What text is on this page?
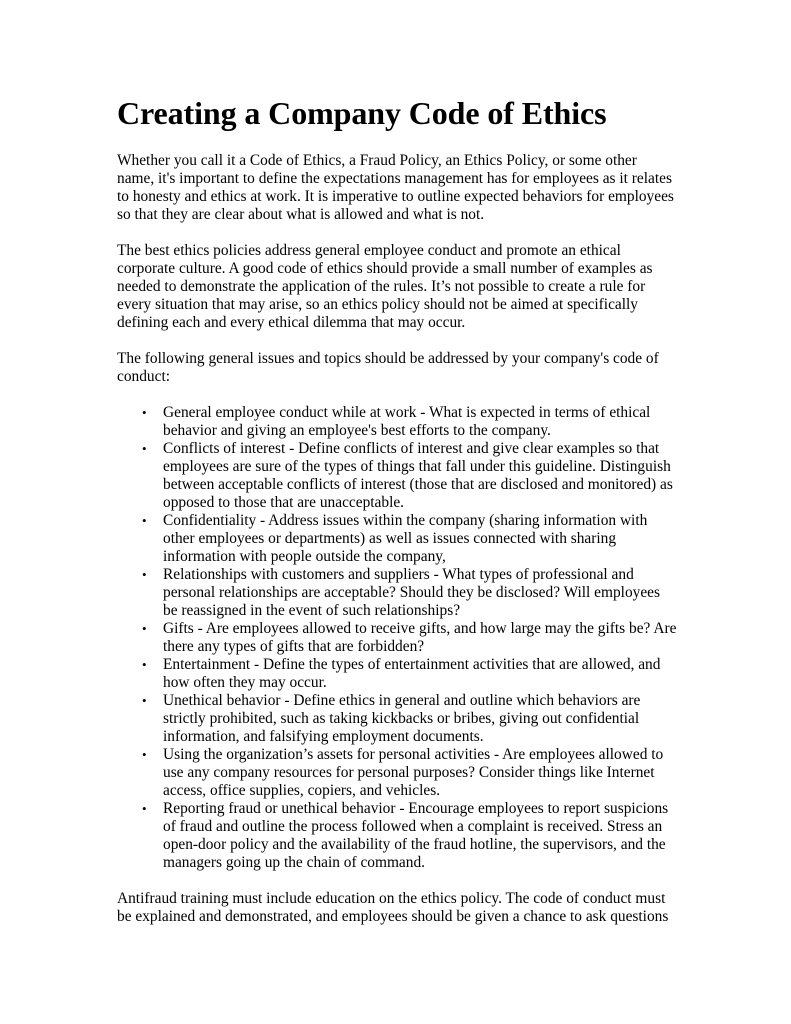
Creating a Company Code of Ethics

Whether you call it a Code of Ethics, a Fraud Policy, an Ethics Policy, or some other name, it's important to define the expectations management has for employees as it relates to honesty and ethics at work. It is imperative to outline expected behaviors for employees so that they are clear about what is allowed and what is not.

The best ethics policies address general employee conduct and promote an ethical corporate culture. A good code of ethics should provide a small number of examples as needed to demonstrate the application of the rules. It’s not possible to create a rule for every situation that may arise, so an ethics policy should not be aimed at specifically defining each and every ethical dilemma that may occur.

The following general issues and topics should be addressed by your company's code of conduct:

• General employee conduct while at work - What is expected in terms of ethical behavior and giving an employee's best efforts to the company.
• Conflicts of interest - Define conflicts of interest and give clear examples so that employees are sure of the types of things that fall under this guideline. Distinguish between acceptable conflicts of interest (those that are disclosed and monitored) as opposed to those that are unacceptable.
• Confidentiality - Address issues within the company (sharing information with other employees or departments) as well as issues connected with sharing information with people outside the company,
• Relationships with customers and suppliers - What types of professional and personal relationships are acceptable? Should they be disclosed? Will employees be reassigned in the event of such relationships?
• Gifts - Are employees allowed to receive gifts, and how large may the gifts be? Are there any types of gifts that are forbidden?
• Entertainment - Define the types of entertainment activities that are allowed, and how often they may occur.
• Unethical behavior - Define ethics in general and outline which behaviors are strictly prohibited, such as taking kickbacks or bribes, giving out confidential information, and falsifying employment documents.
• Using the organization’s assets for personal activities - Are employees allowed to use any company resources for personal purposes? Consider things like Internet access, office supplies, copiers, and vehicles.
• Reporting fraud or unethical behavior - Encourage employees to report suspicions of fraud and outline the process followed when a complaint is received. Stress an open-door policy and the availability of the fraud hotline, the supervisors, and the managers going up the chain of command.

Antifraud training must include education on the ethics policy. The code of conduct must be explained and demonstrated, and employees should be given a chance to ask questions
